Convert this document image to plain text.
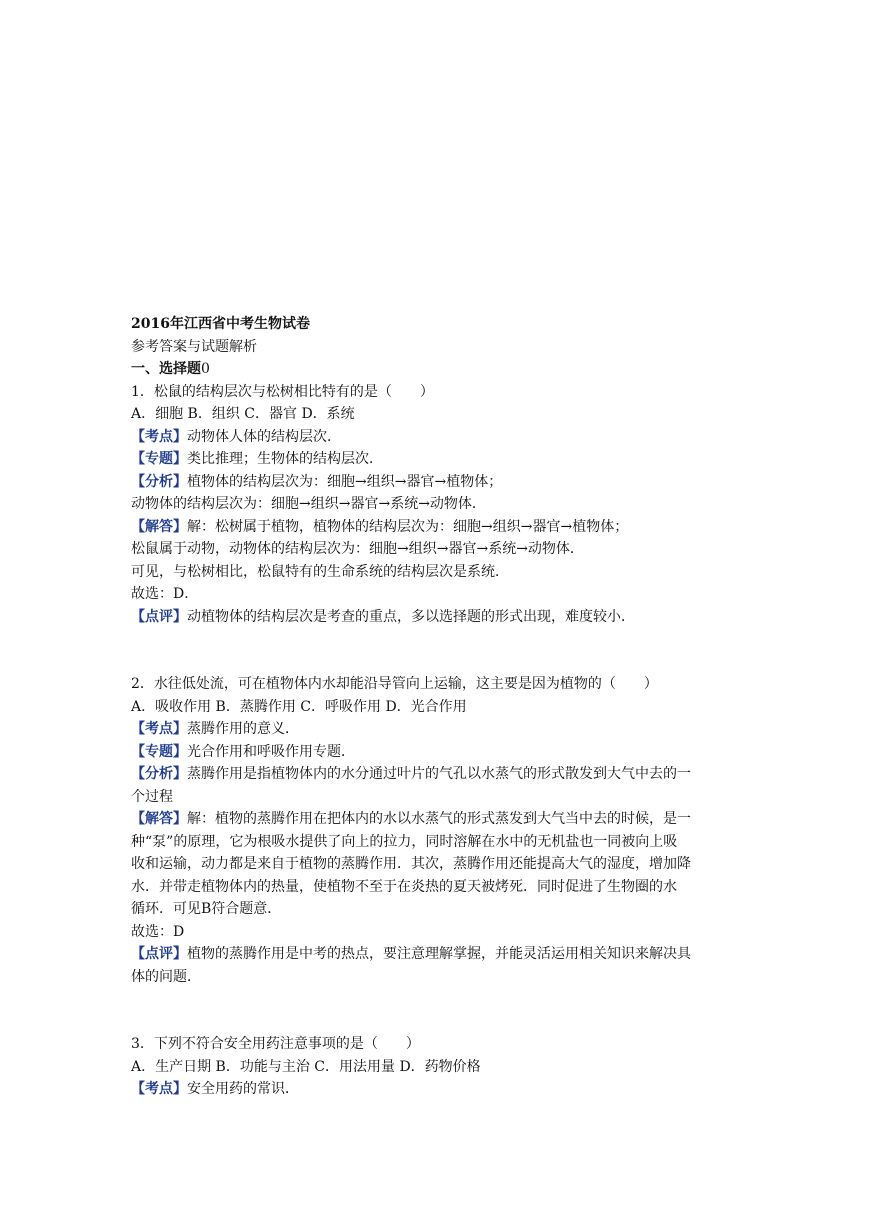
2016年江西省中考生物试卷
参考答案与试题解析
一、选择题0
1．松鼠的结构层次与松树相比特有的是（　　）
A．细胞 B．组织 C．器官 D．系统
【考点】动物体人体的结构层次．
【专题】类比推理；生物体的结构层次．
【分析】植物体的结构层次为：细胞→组织→器官→植物体；
动物体的结构层次为：细胞→组织→器官→系统→动物体．
【解答】解：松树属于植物，植物体的结构层次为：细胞→组织→器官→植物体；
松鼠属于动物，动物体的结构层次为：细胞→组织→器官→系统→动物体．
可见，与松树相比，松鼠特有的生命系统的结构层次是系统．
故选：D．
【点评】动植物体的结构层次是考查的重点，多以选择题的形式出现，难度较小．
2．水往低处流，可在植物体内水却能沿导管向上运输，这主要是因为植物的（　　）
A．吸收作用 B．蒸腾作用 C．呼吸作用 D．光合作用
【考点】蒸腾作用的意义．
【专题】光合作用和呼吸作用专题．
【分析】蒸腾作用是指植物体内的水分通过叶片的气孔以水蒸气的形式散发到大气中去的一
个过程
【解答】解：植物的蒸腾作用在把体内的水以水蒸气的形式蒸发到大气当中去的时候，是一
种“泵”的原理，它为根吸水提供了向上的拉力，同时溶解在水中的无机盐也一同被向上吸
收和运输，动力都是来自于植物的蒸腾作用．其次，蒸腾作用还能提高大气的湿度，增加降
水．并带走植物体内的热量，使植物不至于在炎热的夏天被烤死．同时促进了生物圈的水
循环．可见B符合题意．
故选：D
【点评】植物的蒸腾作用是中考的热点，要注意理解掌握，并能灵活运用相关知识来解决具
体的问题．
3．下列不符合安全用药注意事项的是（　　）
A．生产日期 B．功能与主治 C．用法用量 D．药物价格
【考点】安全用药的常识．
